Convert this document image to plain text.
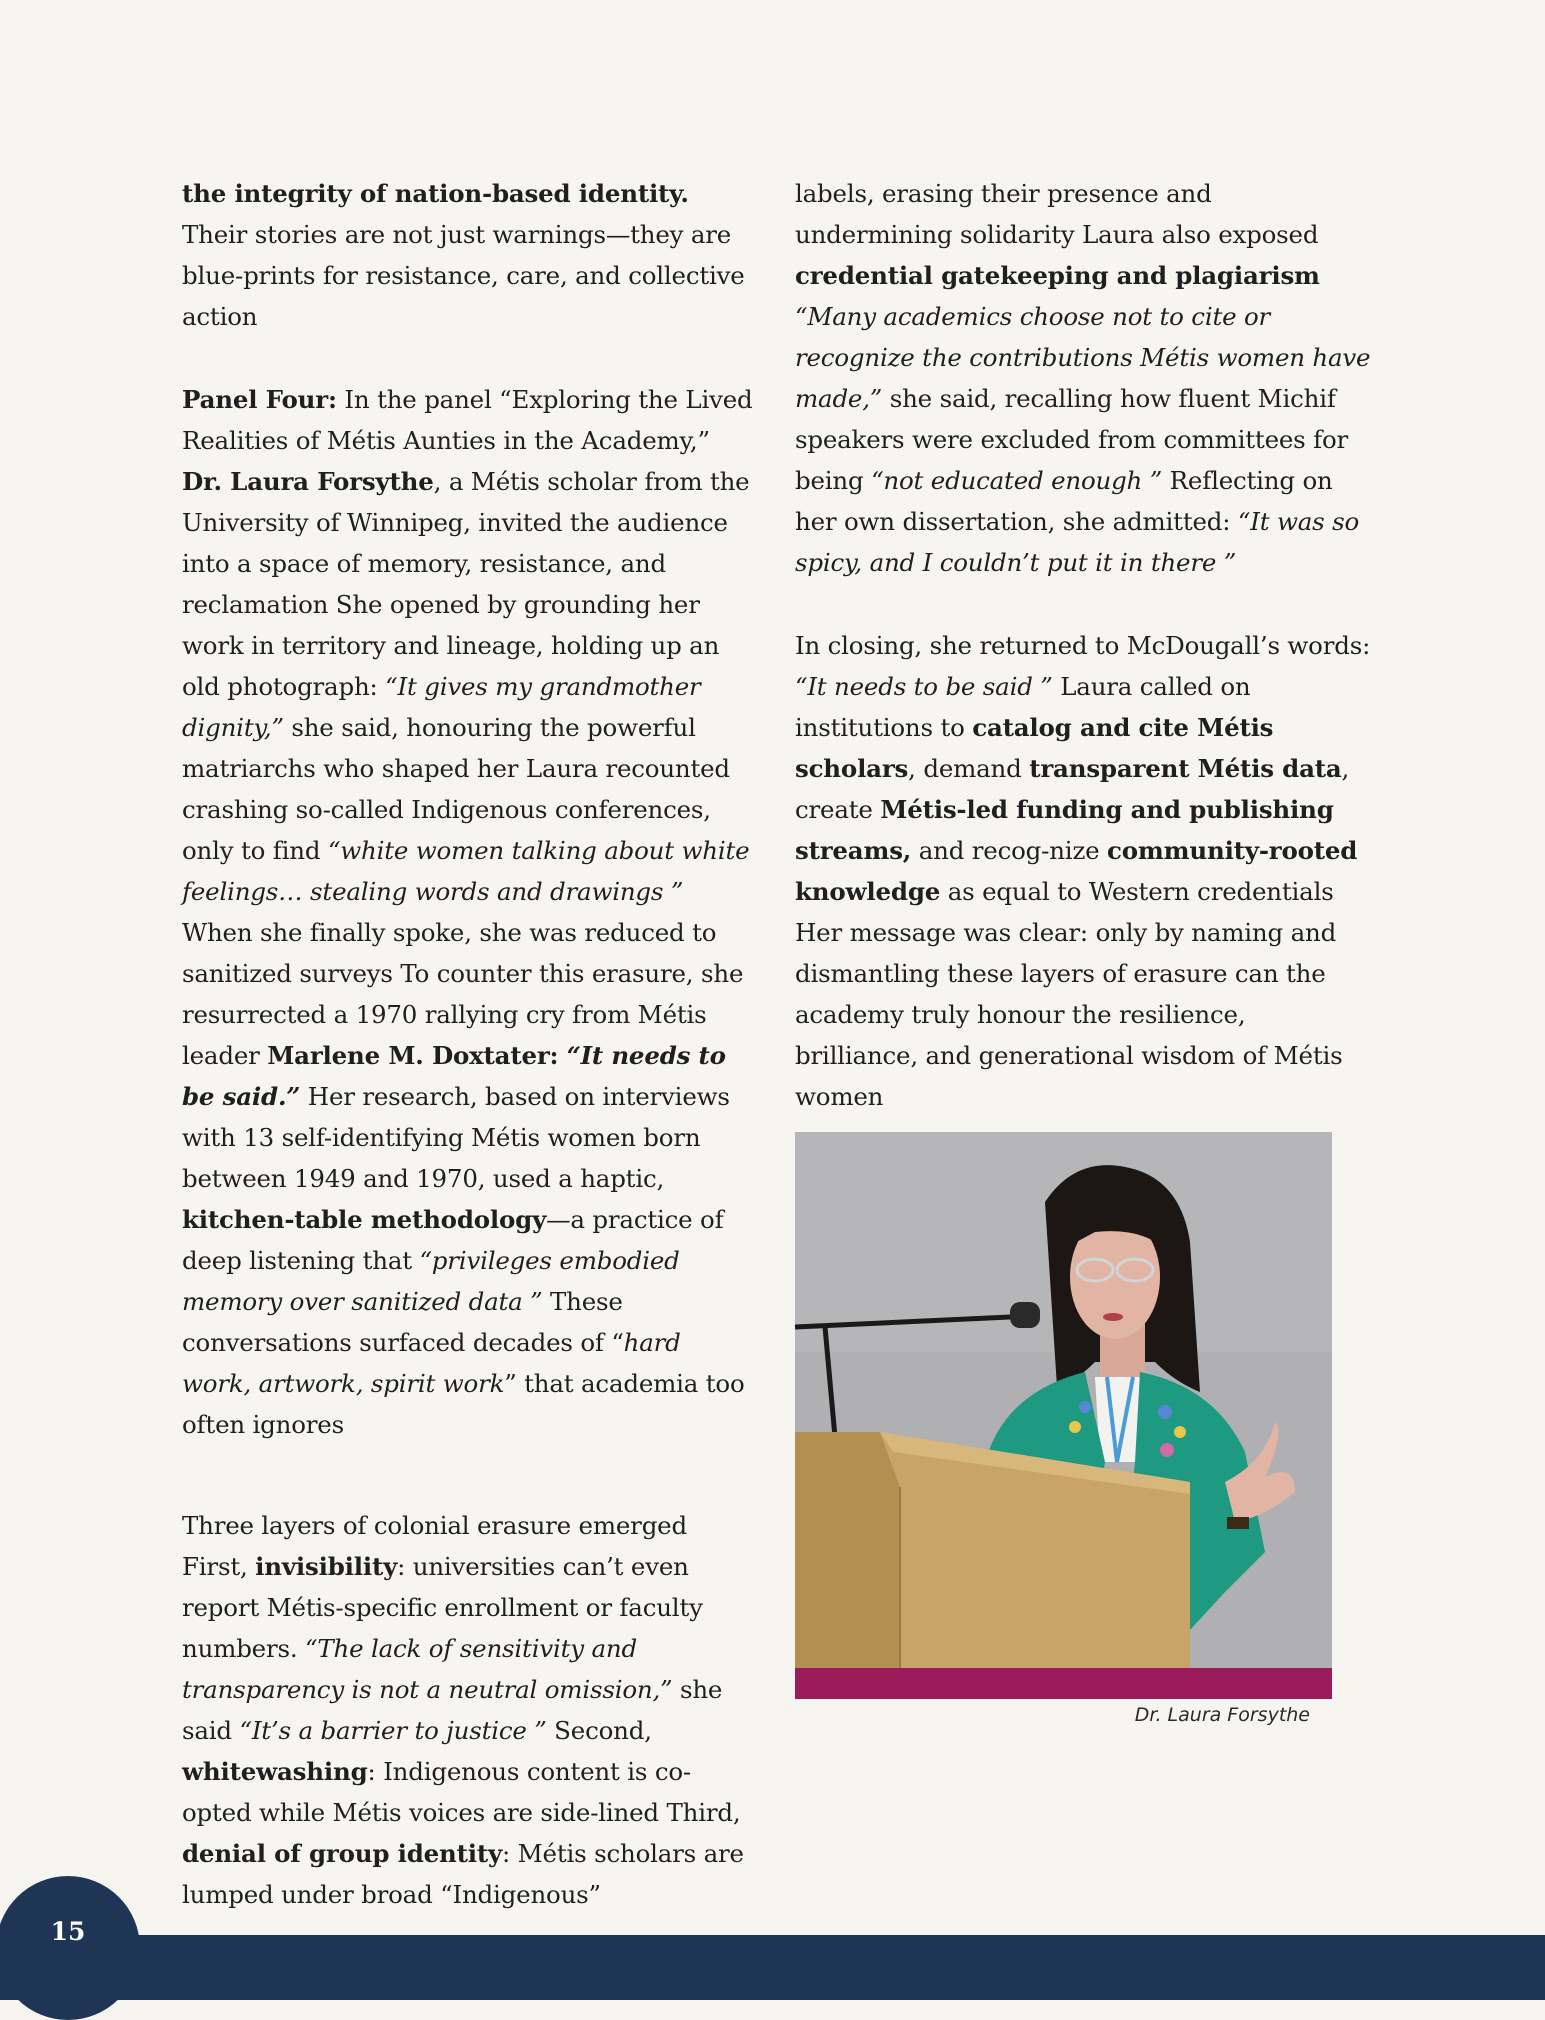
the integrity of nation-based identity. Their stories are not just warnings—they are blue-prints for resistance, care, and collective action

Panel Four: In the panel “Exploring the Lived Realities of Métis Aunties in the Academy,” Dr. Laura Forsythe, a Métis scholar from the University of Winnipeg, invited the audience into a space of memory, resistance, and reclamation She opened by grounding her work in territory and lineage, holding up an old photograph: “It gives my grandmother dignity,” she said, honouring the powerful matriarchs who shaped her Laura recounted crashing so-called Indigenous conferences, only to find “white women talking about white feelings… stealing words and drawings ” When she finally spoke, she was reduced to sanitized surveys To counter this erasure, she resurrected a 1970 rallying cry from Métis leader Marlene M. Doxtater: “It needs to be said.” Her research, based on interviews with 13 self-identifying Métis women born between 1949 and 1970, used a haptic, kitchen-table methodology—a practice of deep listening that “privileges embodied memory over sanitized data ” These conversations surfaced decades of “hard work, artwork, spirit work” that academia too often ignores

Three layers of colonial erasure emerged First, invisibility: universities can’t even report Métis-specific enrollment or faculty numbers. “The lack of sensitivity and transparency is not a neutral omission,” she said “It’s a barrier to justice ” Second, whitewashing: Indigenous content is co-opted while Métis voices are side-lined Third, denial of group identity: Métis scholars are lumped under broad “Indigenous”

labels, erasing their presence and undermining solidarity Laura also exposed credential gatekeeping and plagiarism “Many academics choose not to cite or recognize the contributions Métis women have made,” she said, recalling how fluent Michif speakers were excluded from committees for being “not educated enough ” Reflecting on her own dissertation, she admitted: “It was so spicy, and I couldn’t put it in there ”

In closing, she returned to McDougall’s words: “It needs to be said ” Laura called on institutions to catalog and cite Métis scholars, demand transparent Métis data, create Métis-led funding and publishing streams, and recog-nize community-rooted knowledge as equal to Western credentials Her message was clear: only by naming and dismantling these layers of erasure can the academy truly honour the resilience, brilliance, and generational wisdom of Métis women

Dr. Laura Forsythe

15
